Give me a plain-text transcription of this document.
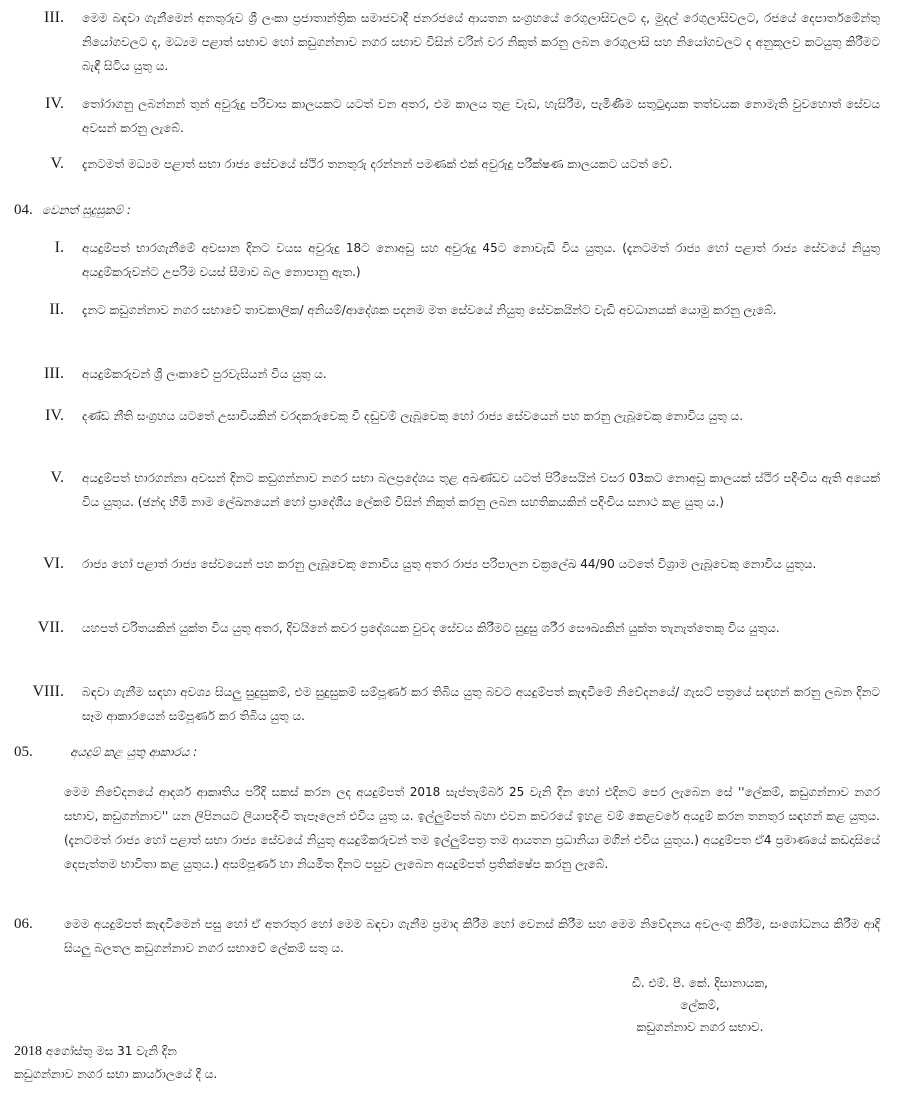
III. මෙම බඳවා ගැනීමෙන් අනතුරුව ශ්‍රී ලංකා ප්‍රජාතාන්ත්‍රික සමාජවාදී ජනරජයේ ආයතන සංග්‍රහයේ රෙගුලාසිවලට ද, මුදල් රෙගුලාසිවලට, රජයේ දෙපාර්තමේන්තු නියෝගවලට ද, මධ්‍යම පළාත් සභාව හෝ කඩුගන්නාව නගර සභාව විසින් වරින් වර නිකුත් කරනු ලබන රෙගුලාසි සහ නියෝගවලට ද අනුකූලව කටයුතු කිරීමට බැඳී සිටිය යුතු ය.

IV. තෝරාගනු ලබන්නන් තුන් අවුරුදු පරිවාස කාලයකට යටත් වන අතර, එම කාලය තුළ වැඩ, හැසිරීම, පැමිණීම සතුටුදායක තත්වයක නොමැති වුවහොත් සේවය අවසන් කරනු ලැබේ.

V. දැනටමත් මධ්‍යම පළාත් සභා රාජ්‍ය සේවයේ ස්ථිර තනතුරු දරන්නන් පමණක් එක් අවුරුදු පරීක්ෂණ කාලයකට යටත් වේ.

04. වෙනත් සුදුසුකම් :
I. අයදුම්පත් භාරගැනීමේ අවසාන දිනට වයස අවුරුදු 18ට නොඅඩු සහ අවුරුදු 45ට නොවැඩි විය යුතුය. (දැනටමත් රාජ්‍ය හෝ පළාත් රාජ්‍ය සේවයේ නියුතු අයදුම්කරුවන්ට උපරිම වයස් සීමාව බල නොපානු ඇත.)

II. දැනට කඩුගන්නාව නගර සභාවේ තාවකාලික/ අනියම්/ආදේශක පදනම මත සේවයේ නියුතු සේවකයින්ට වැඩි අවධානයක් යොමු කරනු ලැබේ.

III. අයදුම්කරුවන් ශ්‍රී ලංකාවේ පුරවැසියන් විය යුතු ය.

IV. දණ්ඩ නීති සංග්‍රහය යටතේ උසාවියකින් වරදකරුවෙකු වී දඬුවම් ලැබූවෙකු හෝ රාජ්‍ය සේවයෙන් පහ කරනු ලැබූවෙකු නොවිය යුතු ය.

V. අයදුම්පත් භාරගන්නා අවසන් දිනට කඩුගන්නාව නගර සභා බලප්‍රදේශය තුළ අඛණ්ඩව යටත් පිරිසෙයින් වසර 03කට නොඅඩු කාලයක් ස්ථිර පදිංචිය ඇති අයෙක් විය යුතුය. (ඡන්ද හිමි නාම ලේඛනයෙන් හෝ ප්‍රාදේශීය ලේකම් විසින් නිකුත් කරනු ලබන සහතිකයකින් පදිංචිය සනාථ කළ යුතු ය.)

VI. රාජ්‍ය හෝ පළාත් රාජ්‍ය සේවයෙන් පහ කරනු ලැබූවෙකු නොවිය යුතු අතර රාජ්‍ය පරිපාලන චක්‍රලේඛ 44/90 යටතේ විශ්‍රාම ලැබූවෙකු නොවිය යුතුය.

VII. යහපත් චරිතයකින් යුක්ත විය යුතු අතර, දිවයිනේ කවර ප්‍රදේශයක වුවද සේවය කිරීමට සුදුසු ශරීර සෞඛ්‍යකින් යුක්ත තැනැත්තෙකු විය යුතුය.

VIII. බඳවා ගැනීම සඳහා අවශ්‍ය සියලු සුදුසුකම්, එම සුදුසුකම් සම්පූර්ණ කර තිබිය යුතු බවට අයදුම්පත් කැඳවීමේ නිවේදනයේ/ ගැසට් පත්‍රයේ සඳහන් කරනු ලබන දිනට සෑම ආකාරයෙන් සම්පූර්ණ කර තිබිය යුතු ය.

05.	අයදුම් කළ යුතු ආකාරය :

මෙම නිවේදනයේ ආදර්ශ ආකෘතිය පරිදි සකස් කරන ලද අයදුම්පත් 2018 සැප්තැම්බර් 25 වැනි දින හෝ එදිනට පෙර ලැබෙන සේ ''ලේකම්, කඩුගන්නාව නගර සභාව, කඩුගන්නාව'' යන ලිපිනයට ලියාපදිංචි තැපෑලෙන් එවිය යුතු ය. ඉල්ලුම්පත් බහා එවන කවරයේ ඉහළ වම් කෙළවරේ අයදුම් කරන තනතුර සඳහන් කළ යුතුය. (දැනටමත් රාජ්‍ය හෝ පළාත් සභා රාජ්‍ය සේවයේ නියුතු අයදුම්කරුවන් තම ඉල්ලුම්පත්‍ර තම ආයතන ප්‍රධානියා මගින් එවිය යුතුය.) අයදුම්පත ඒ4 ප්‍රමාණයේ කඩදාසියේ දෙපැත්තම භාවිතා කළ යුතුය.) අසම්පූර්ණ හා නියමිත දිනට පසුව ලැබෙන අයදුම්පත් ප්‍රතික්ෂේප කරනු ලැබේ.

06.	මෙම අයදුම්පත් කැඳවීමෙන් පසු හෝ ඒ අතරතුර හෝ මෙම බඳවා ගැනීම ප්‍රමාද කිරීම හෝ වෙනස් කිරීම සහ මෙම නිවේදනය අවලංගු කිරීම, සංශෝධනය කිරීම ආදි සියලු බලතල කඩුගන්නාව නගර සභාවේ ලේකම් සතු ය.

ඩී. එම්. පී. කේ. දිසානායක,
ලේකම්,
කඩුගන්නාව නගර සභාව.
2018 අගෝස්තු මස 31 වැනි දින
කඩුගන්නාව නගර සභා කාර්යාලයේ දී ය.
